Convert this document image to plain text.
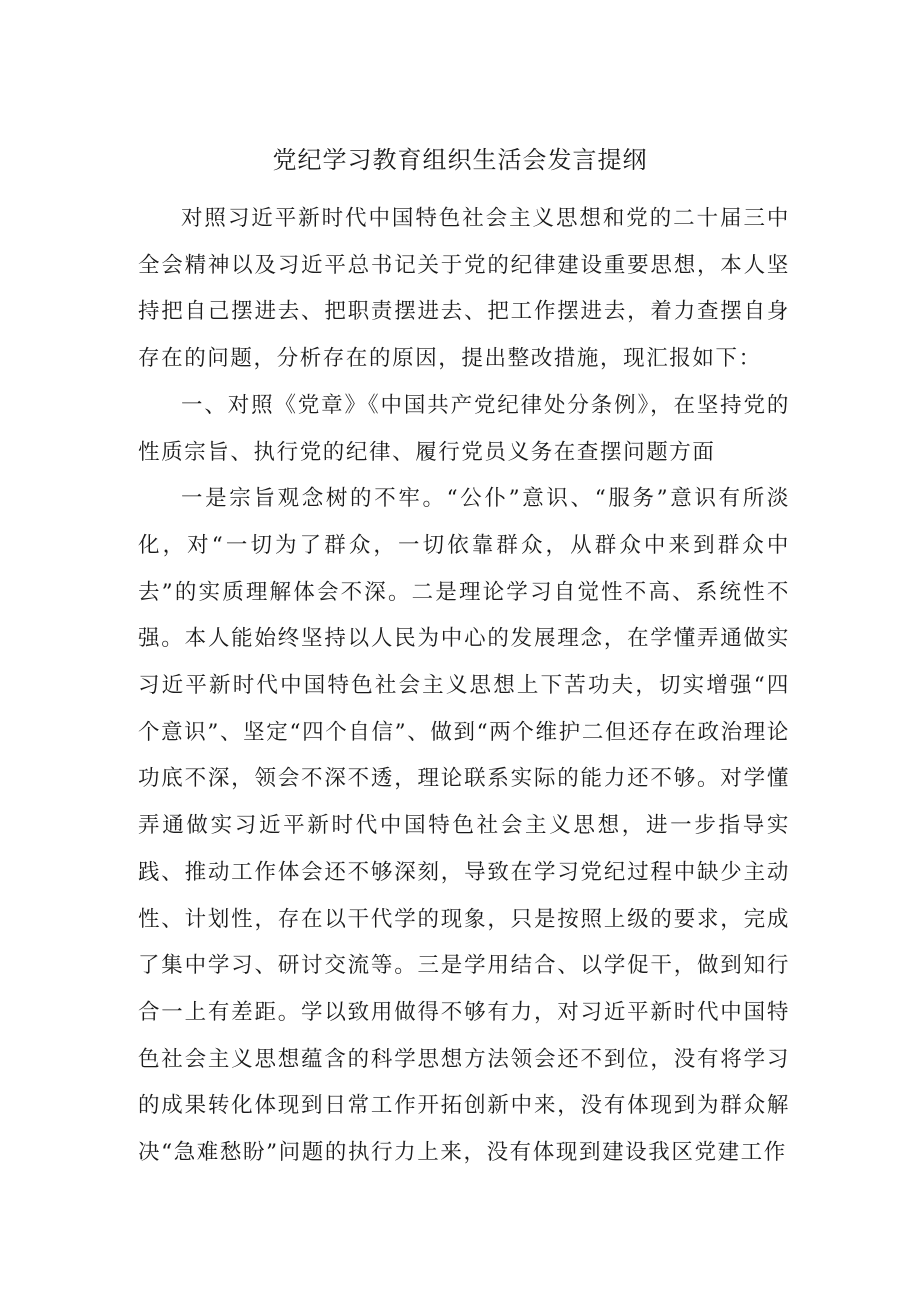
党纪学习教育组织生活会发言提纲

对照习近平新时代中国特色社会主义思想和党的二十届三中全会精神以及习近平总书记关于党的纪律建设重要思想，本人坚持把自己摆进去、把职责摆进去、把工作摆进去，着力查摆自身存在的问题，分析存在的原因，提出整改措施，现汇报如下：

一、对照《党章》《中国共产党纪律处分条例》，在坚持党的性质宗旨、执行党的纪律、履行党员义务在查摆问题方面

一是宗旨观念树的不牢。“公仆”意识、“服务”意识有所淡化，对“一切为了群众，一切依靠群众，从群众中来到群众中去”的实质理解体会不深。二是理论学习自觉性不高、系统性不强。本人能始终坚持以人民为中心的发展理念，在学懂弄通做实习近平新时代中国特色社会主义思想上下苦功夫，切实增强“四个意识”、坚定“四个自信”、做到“两个维护二但还存在政治理论功底不深，领会不深不透，理论联系实际的能力还不够。对学懂弄通做实习近平新时代中国特色社会主义思想，进一步指导实践、推动工作体会还不够深刻，导致在学习党纪过程中缺少主动性、计划性，存在以干代学的现象，只是按照上级的要求，完成了集中学习、研讨交流等。三是学用结合、以学促干，做到知行合一上有差距。学以致用做得不够有力，对习近平新时代中国特色社会主义思想蕴含的科学思想方法领会还不到位，没有将学习的成果转化体现到日常工作开拓创新中来，没有体现到为群众解决“急难愁盼”问题的执行力上来，没有体现到建设我区党建工作
